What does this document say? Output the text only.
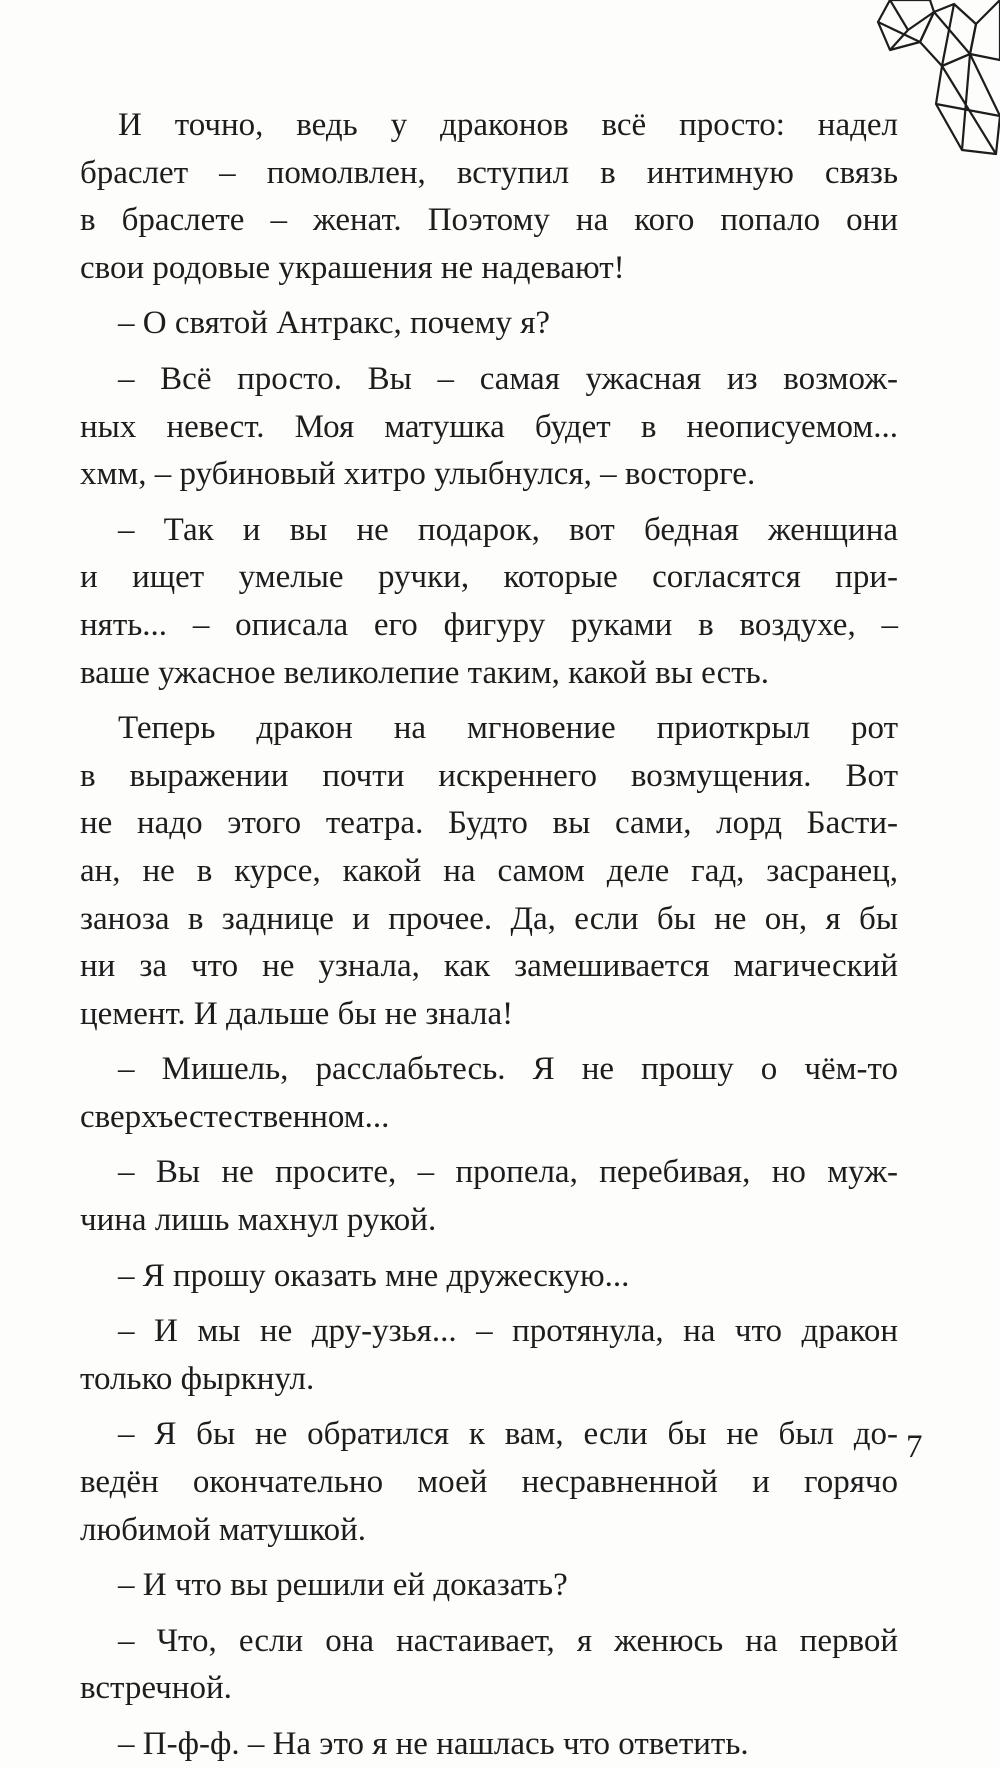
И точно, ведь у драконов всё просто: надел
браслет – помолвлен, вступил в интимную связь
в браслете – женат. Поэтому на кого попало они
свои родовые украшения не надевают!
– О святой Антракс, почему я?
– Всё просто. Вы – самая ужасная из возмож-
ных невест. Моя матушка будет в неописуемом...
хмм, – рубиновый хитро улыбнулся, – восторге.
– Так и вы не подарок, вот бедная женщина
и ищет умелые ручки, которые согласятся при-
нять... – описала его фигуру руками в воздухе, –
ваше ужасное великолепие таким, какой вы есть.
Теперь дракон на мгновение приоткрыл рот
в выражении почти искреннего возмущения. Вот
не надо этого театра. Будто вы сами, лорд Басти-
ан, не в курсе, какой на самом деле гад, засранец,
заноза в заднице и прочее. Да, если бы не он, я бы
ни за что не узнала, как замешивается магический
цемент. И дальше бы не знала!
– Мишель, расслабьтесь. Я не прошу о чём-то
сверхъестественном...
– Вы не просите, – пропела, перебивая, но муж-
чина лишь махнул рукой.
– Я прошу оказать мне дружескую...
– И мы не дру-узья... – протянула, на что дракон
только фыркнул.
– Я бы не обратился к вам, если бы не был до-
ведён окончательно моей несравненной и горячо
любимой матушкой.
– И что вы решили ей доказать?
– Что, если она настаивает, я женюсь на первой
встречной.
– П-ф-ф. – На это я не нашлась что ответить.
7
